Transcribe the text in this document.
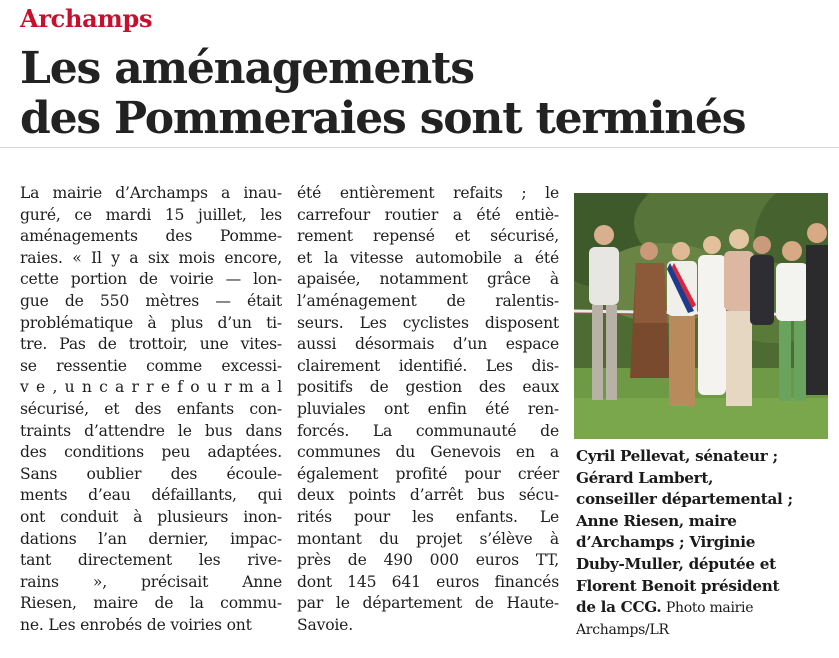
Archamps
Les aménagements
des Pommeraies sont terminés
La mairie d’Archamps a inau-
guré, ce mardi 15 juillet, les
aménagements des Pomme-
raies. « Il y a six mois encore,
cette portion de voirie — lon-
gue de 550 mètres — était
problématique à plus d’un ti-
tre. Pas de trottoir, une vites-
se ressentie comme excessi-
v e , u n c a r r e f o u r m a l
sécurisé, et des enfants con-
traints d’attendre le bus dans
des conditions peu adaptées.
Sans oublier des écoule-
ments d’eau défaillants, qui
ont conduit à plusieurs inon-
dations l’an dernier, impac-
tant directement les rive-
rains », précisait Anne
Riesen, maire de la commu-
ne. Les enrobés de voiries ont
été entièrement refaits ; le
carrefour routier a été entiè-
rement repensé et sécurisé,
et la vitesse automobile a été
apaisée, notamment grâce à
l’aménagement de ralentis-
seurs. Les cyclistes disposent
aussi désormais d’un espace
clairement identifié. Les dis-
positifs de gestion des eaux
pluviales ont enfin été ren-
forcés. La communauté de
communes du Genevois en a
également profité pour créer
deux points d’arrêt bus sécu-
rités pour les enfants. Le
montant du projet s’élève à
près de 490 000 euros TT,
dont 145 641 euros financés
par le département de Haute-
Savoie.
Cyril Pellevat, sénateur ;
Gérard Lambert,
conseiller départemental ;
Anne Riesen, maire
d’Archamps ; Virginie
Duby-Muller, députée et
Florent Benoit président
de la CCG. Photo mairie
Archamps/LR
